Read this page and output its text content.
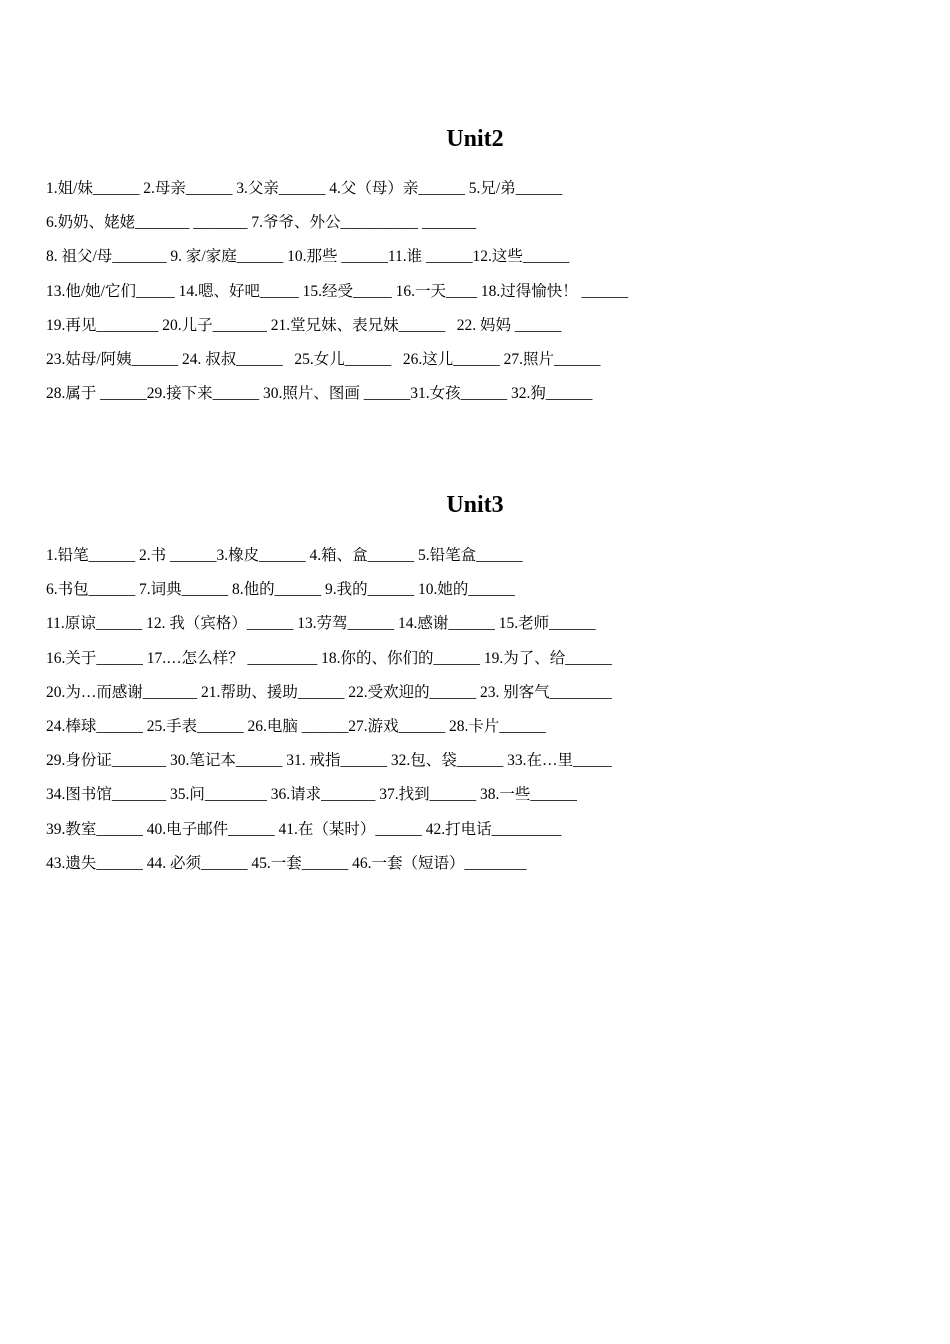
Unit2
1.姐/妹______ 2.母亲______ 3.父亲______ 4.父（母）亲______ 5.兄/弟______
6.奶奶、姥姥_______ _______ 7.爷爷、外公__________ _______
8. 祖父/母_______ 9. 家/家庭______ 10.那些 ______11.谁 ______12.这些______
13.他/她/它们_____ 14.嗯、好吧_____ 15.经受_____ 16.一天____ 18.过得愉快！ ______
19.再见________ 20.儿子_______ 21.堂兄妹、表兄妹______   22. 妈妈 ______
23.姑母/阿姨______ 24. 叔叔______   25.女儿______   26.这儿______ 27.照片______
28.属于 ______29.接下来______ 30.照片、图画 ______31.女孩______ 32.狗______
Unit3
1.铅笔______ 2.书 ______3.橡皮______ 4.箱、盒______ 5.铅笔盒______
6.书包______ 7.词典______ 8.他的______ 9.我的______ 10.她的______
11.原谅______ 12. 我（宾格）______ 13.劳驾______ 14.感谢______ 15.老师______
16.关于______ 17.…怎么样？ _________ 18.你的、你们的______ 19.为了、给______
20.为…而感谢_______ 21.帮助、援助______ 22.受欢迎的______ 23. 别客气________
24.棒球______ 25.手表______ 26.电脑 ______27.游戏______ 28.卡片______
29.身份证_______ 30.笔记本______ 31. 戒指______ 32.包、袋______ 33.在…里_____
34.图书馆_______ 35.问________ 36.请求_______ 37.找到______ 38.一些______
39.教室______ 40.电子邮件______ 41.在（某时）______ 42.打电话_________
43.遗失______ 44. 必须______ 45.一套______ 46.一套（短语）________
